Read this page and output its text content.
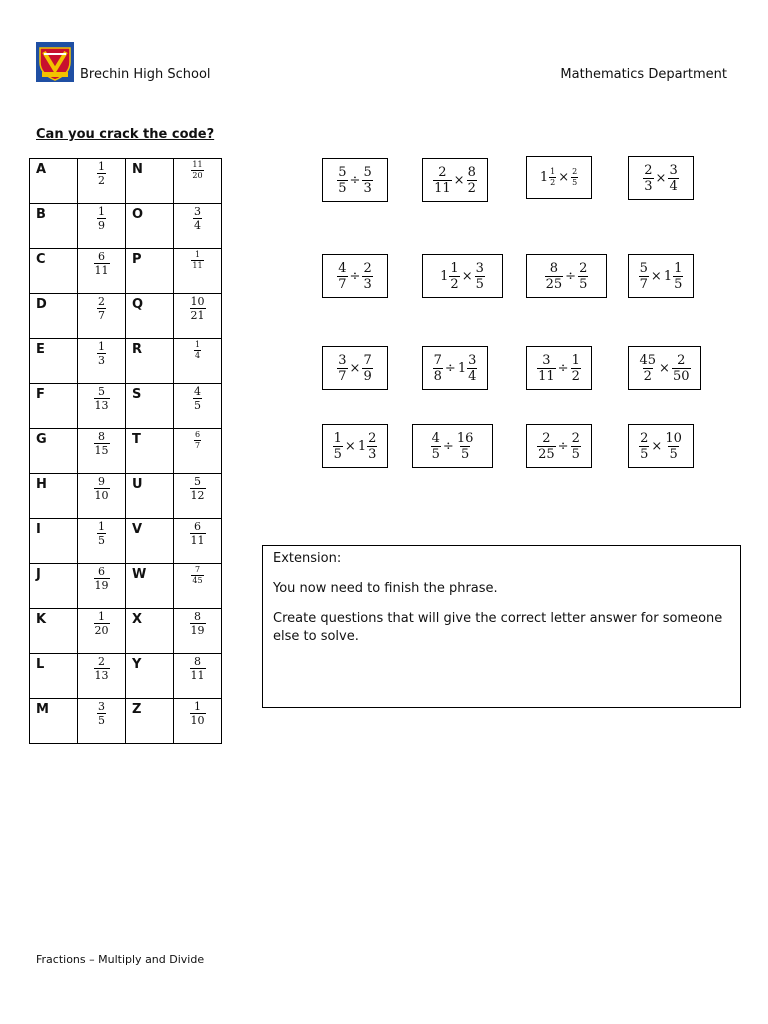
Brechin High School	Mathematics Department
Can you crack the code?
A	$\frac{1}{2}$	N	$\frac{11}{20}$

B	$\frac{1}{9}$	O	$\frac{3}{4}$

C	$\frac{6}{11}$	P	$\frac{1}{11}$

D	$\frac{2}{7}$	Q	$\frac{10}{21}$

E	$\frac{1}{3}$	R	$\frac{1}{4}$

F	$\frac{5}{13}$	S	$\frac{4}{5}$

G	$\frac{8}{15}$	T	$\frac{6}{7}$

H	$\frac{9}{10}$	U	$\frac{5}{12}$

I	$\frac{1}{5}$	V	$\frac{6}{11}$

J	$\frac{6}{19}$	W	$\frac{7}{45}$

K	$\frac{1}{20}$	X	$\frac{8}{19}$

L	$\frac{2}{13}$	Y	$\frac{8}{11}$

M	$\frac{3}{5}$	Z	$\frac{1}{10}$
$\frac{5}{5} \div \frac{5}{3}$	$\frac{2}{11} \times \frac{8}{2}$	$1 \frac{1}{2} \times \frac{2}{5}$	$\frac{2}{3} \times \frac{3}{4}$
$\frac{4}{7} \div \frac{2}{3}$	$1 \frac{1}{2} \times \frac{3}{5}$	$\frac{8}{25} \div \frac{2}{5}$	$\frac{5}{7} \times 1 \frac{1}{5}$
$\frac{3}{7} \times \frac{7}{9}$	$\frac{7}{8} \div 1 \frac{3}{4}$	$\frac{3}{11} \div \frac{1}{2}$	$\frac{45}{2} \times \frac{2}{50}$
$\frac{1}{5} \times 1 \frac{2}{3}$	$\frac{4}{5} \div \frac{16}{5}$	$\frac{2}{25} \div \frac{2}{5}$	$\frac{2}{5} \times \frac{10}{5}$

Extension:

You now need to finish the phrase.

Create questions that will give the correct letter answer for someone else to solve.

Fractions – Multiply and Divide
